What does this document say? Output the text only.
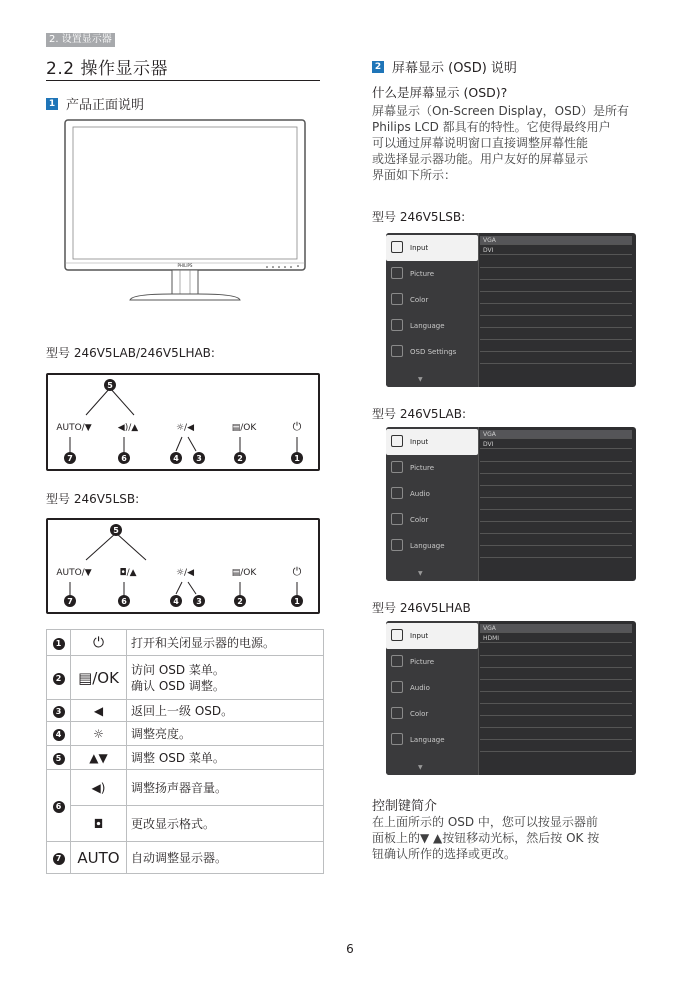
2. 设置显示器
2.2 操作显示器
1 产品正面说明
PHILIPS
型号 246V5LAB/246V5LHAB:
5
7	6	4 3	2	1
AUTO/▼	◀)/▲	☼/◀	▤/OK	⏻
型号 246V5LSB:
5
7	6	4 3	2	1
AUTO/▼	◘/▲	☼/◀	▤/OK	⏻
1	⏻	打开和关闭显示器的电源。
2	▤/OK	访问 OSD 菜单。
确认 OSD 调整。

3	◀	返回上一级 OSD。
4	☼	调整亮度。
5	▲▼	调整 OSD 菜单。
6	◀)	调整扬声器音量。
	◘	更改显示格式。
7	AUTO	自动调整显示器。
2 屏幕显示 (OSD) 说明
什么是屏幕显示 (OSD)?
屏幕显示（On-Screen Display，OSD）是所有
Philips LCD 都具有的特性。它使得最终用户
可以通过屏幕说明窗口直接调整屏幕性能
或选择显示器功能。用户友好的屏幕显示
界面如下所示：
型号 246V5LSB:
Input
Picture
Color
Language
OSD Settings
▼
VGA
DVI
型号 246V5LAB:
Input
Picture
Audio
Color
Language
▼
VGA
DVI
型号 246V5LHAB
Input
Picture
Audio
Color
Language
▼
VGA
HDMI
控制键简介
在上面所示的 OSD 中，您可以按显示器前
面板上的▼ ▲按钮移动光标，然后按 OK 按
钮确认所作的选择或更改。
6
